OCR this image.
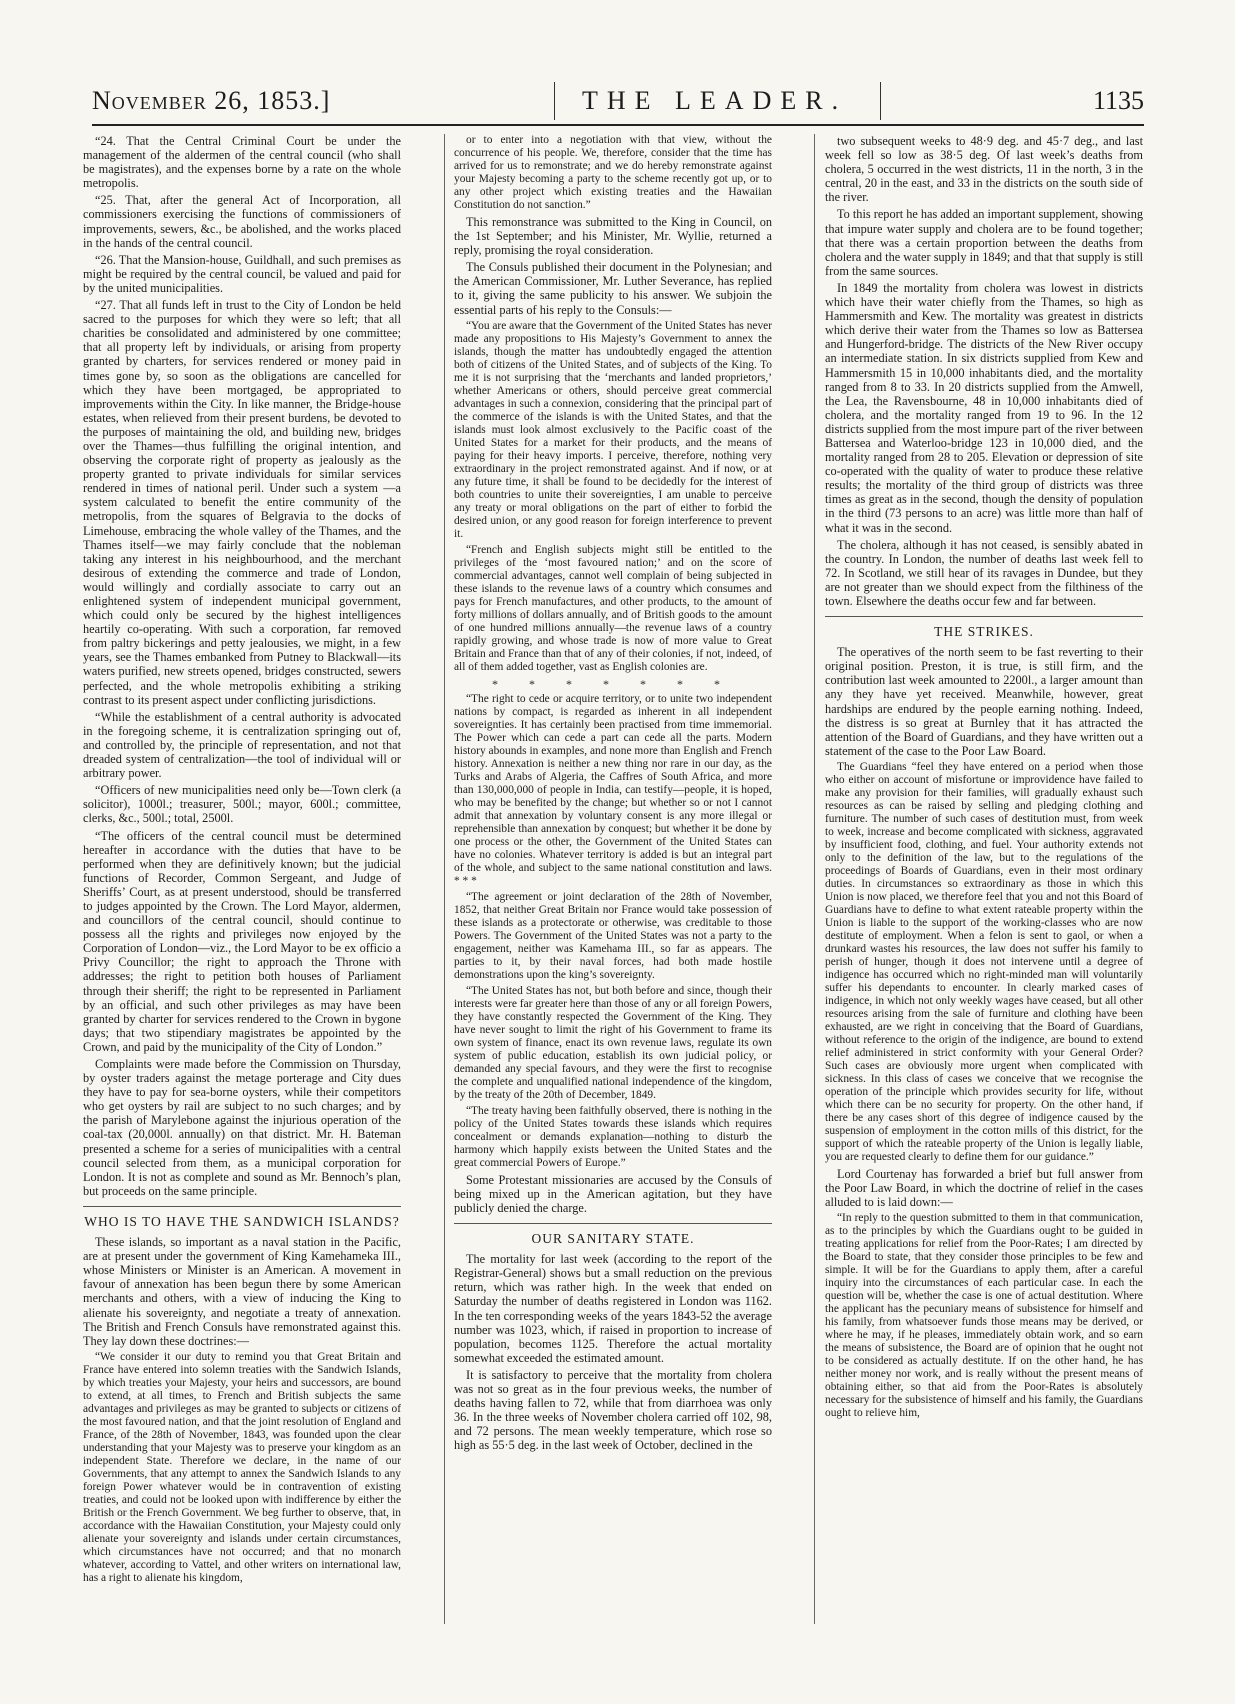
November 26, 1853.]	THE LEADER.	1135

“24. That the Central Criminal Court be under the management of the aldermen of the central council (who shall be magistrates), and the expenses borne by a rate on the whole metropolis.

“25. That, after the general Act of Incorporation, all commissioners exercising the functions of commissioners of improvements, sewers, &c., be abolished, and the works placed in the hands of the central council.

“26. That the Mansion-house, Guildhall, and such premises as might be required by the central council, be valued and paid for by the united municipalities.

“27. That all funds left in trust to the City of London be held sacred to the purposes for which they were so left; that all charities be consolidated and administered by one committee; that all property left by individuals, or arising from property granted by charters, for services rendered or money paid in times gone by, so soon as the obligations are cancelled for which they have been mortgaged, be appropriated to improvements within the City. In like manner, the Bridge-house estates, when relieved from their present burdens, be devoted to the purposes of maintaining the old, and building new, bridges over the Thames—thus fulfilling the original intention, and observing the corporate right of property as jealously as the property granted to private individuals for similar services rendered in times of national peril. Under such a system —a system calculated to benefit the entire community of the metropolis, from the squares of Belgravia to the docks of Limehouse, embracing the whole valley of the Thames, and the Thames itself—we may fairly conclude that the nobleman taking any interest in his neighbourhood, and the merchant desirous of extending the commerce and trade of London, would willingly and cordially associate to carry out an enlightened system of independent municipal government, which could only be secured by the highest intelligences heartily co-operating. With such a corporation, far removed from paltry bickerings and petty jealousies, we might, in a few years, see the Thames embanked from Putney to Blackwall—its waters purified, new streets opened, bridges constructed, sewers perfected, and the whole metropolis exhibiting a striking contrast to its present aspect under conflicting jurisdictions.

“While the establishment of a central authority is advocated in the foregoing scheme, it is centralization springing out of, and controlled by, the principle of representation, and not that dreaded system of centralization—the tool of individual will or arbitrary power.

“Officers of new municipalities need only be—Town clerk (a solicitor), 1000l.; treasurer, 500l.; mayor, 600l.; committee, clerks, &c., 500l.; total, 2500l.

“The officers of the central council must be determined hereafter in accordance with the duties that have to be performed when they are definitively known; but the judicial functions of Recorder, Common Sergeant, and Judge of Sheriffs’ Court, as at present understood, should be transferred to judges appointed by the Crown. The Lord Mayor, aldermen, and councillors of the central council, should continue to possess all the rights and privileges now enjoyed by the Corporation of London—viz., the Lord Mayor to be ex officio a Privy Councillor; the right to approach the Throne with addresses; the right to petition both houses of Parliament through their sheriff; the right to be represented in Parliament by an official, and such other privileges as may have been granted by charter for services rendered to the Crown in bygone days; that two stipendiary magistrates be appointed by the Crown, and paid by the municipality of the City of London.”

Complaints were made before the Commission on Thursday, by oyster traders against the metage porterage and City dues they have to pay for sea-borne oysters, while their competitors who get oysters by rail are subject to no such charges; and by the parish of Marylebone against the injurious operation of the coal-tax (20,000l. annually) on that district. Mr. H. Bateman presented a scheme for a series of municipalities with a central council selected from them, as a municipal corporation for London. It is not as complete and sound as Mr. Bennoch’s plan, but proceeds on the same principle.

WHO IS TO HAVE THE SANDWICH ISLANDS?

These islands, so important as a naval station in the Pacific, are at present under the government of King Kamehameka III., whose Ministers or Minister is an American. A movement in favour of annexation has been begun there by some American merchants and others, with a view of inducing the King to alienate his sovereignty, and negotiate a treaty of annexation. The British and French Consuls have remonstrated against this. They lay down these doctrines:—

“We consider it our duty to remind you that Great Britain and France have entered into solemn treaties with the Sandwich Islands, by which treaties your Majesty, your heirs and successors, are bound to extend, at all times, to French and British subjects the same advantages and privileges as may be granted to subjects or citizens of the most favoured nation, and that the joint resolution of England and France, of the 28th of November, 1843, was founded upon the clear understanding that your Majesty was to preserve your kingdom as an independent State. Therefore we declare, in the name of our Governments, that any attempt to annex the Sandwich Islands to any foreign Power whatever would be in contravention of existing treaties, and could not be looked upon with indifference by either the British or the French Government. We beg further to observe, that, in accordance with the Hawaiian Constitution, your Majesty could only alienate your sovereignty and islands under certain circumstances, which circumstances have not occurred; and that no monarch whatever, according to Vattel, and other writers on international law, has a right to alienate his kingdom,

or to enter into a negotiation with that view, without the concurrence of his people. We, therefore, consider that the time has arrived for us to remonstrate; and we do hereby remonstrate against your Majesty becoming a party to the scheme recently got up, or to any other project which existing treaties and the Hawaiian Constitution do not sanction.”

This remonstrance was submitted to the King in Council, on the 1st September; and his Minister, Mr. Wyllie, returned a reply, promising the royal consideration.

The Consuls published their document in the Polynesian; and the American Commissioner, Mr. Luther Severance, has replied to it, giving the same publicity to his answer. We subjoin the essential parts of his reply to the Consuls:—

“You are aware that the Government of the United States has never made any propositions to His Majesty’s Government to annex the islands, though the matter has undoubtedly engaged the attention both of citizens of the United States, and of subjects of the King. To me it is not surprising that the ‘merchants and landed proprietors,’ whether Americans or others, should perceive great commercial advantages in such a connexion, considering that the principal part of the commerce of the islands is with the United States, and that the islands must look almost exclusively to the Pacific coast of the United States for a market for their products, and the means of paying for their heavy imports. I perceive, therefore, nothing very extraordinary in the project remonstrated against. And if now, or at any future time, it shall be found to be decidedly for the interest of both countries to unite their sovereignties, I am unable to perceive any treaty or moral obligations on the part of either to forbid the desired union, or any good reason for foreign interference to prevent it.

“French and English subjects might still be entitled to the privileges of the ‘most favoured nation;’ and on the score of commercial advantages, cannot well complain of being subjected in these islands to the revenue laws of a country which consumes and pays for French manufactures, and other products, to the amount of forty millions of dollars annually, and of British goods to the amount of one hundred millions annually—the revenue laws of a country rapidly growing, and whose trade is now of more value to Great Britain and France than that of any of their colonies, if not, indeed, of all of them added together, vast as English colonies are.

* * * * * * *

“The right to cede or acquire territory, or to unite two independent nations by compact, is regarded as inherent in all independent sovereignties. It has certainly been practised from time immemorial. The Power which can cede a part can cede all the parts. Modern history abounds in examples, and none more than English and French history. Annexation is neither a new thing nor rare in our day, as the Turks and Arabs of Algeria, the Caffres of South Africa, and more than 130,000,000 of people in India, can testify—people, it is hoped, who may be benefited by the change; but whether so or not I cannot admit that annexation by voluntary consent is any more illegal or reprehensible than annexation by conquest; but whether it be done by one process or the other, the Government of the United States can have no colonies. Whatever territory is added is but an integral part of the whole, and subject to the same national constitution and laws. * * *

“The agreement or joint declaration of the 28th of November, 1852, that neither Great Britain nor France would take possession of these islands as a protectorate or otherwise, was creditable to those Powers. The Government of the United States was not a party to the engagement, neither was Kamehama III., so far as appears. The parties to it, by their naval forces, had both made hostile demonstrations upon the king’s sovereignty.

“The United States has not, but both before and since, though their interests were far greater here than those of any or all foreign Powers, they have constantly respected the Government of the King. They have never sought to limit the right of his Government to frame its own system of finance, enact its own revenue laws, regulate its own system of public education, establish its own judicial policy, or demanded any special favours, and they were the first to recognise the complete and unqualified national independence of the kingdom, by the treaty of the 20th of December, 1849.

“The treaty having been faithfully observed, there is nothing in the policy of the United States towards these islands which requires concealment or demands explanation—nothing to disturb the harmony which happily exists between the United States and the great commercial Powers of Europe.”

Some Protestant missionaries are accused by the Consuls of being mixed up in the American agitation, but they have publicly denied the charge.

OUR SANITARY STATE.

The mortality for last week (according to the report of the Registrar-General) shows but a small reduction on the previous return, which was rather high. In the week that ended on Saturday the number of deaths registered in London was 1162. In the ten corresponding weeks of the years 1843-52 the average number was 1023, which, if raised in proportion to increase of population, becomes 1125. Therefore the actual mortality somewhat exceeded the estimated amount.

It is satisfactory to perceive that the mortality from cholera was not so great as in the four previous weeks, the number of deaths having fallen to 72, while that from diarrhoea was only 36. In the three weeks of November cholera carried off 102, 98, and 72 persons. The mean weekly temperature, which rose so high as 55·5 deg. in the last week of October, declined in the

two subsequent weeks to 48·9 deg. and 45·7 deg., and last week fell so low as 38·5 deg. Of last week’s deaths from cholera, 5 occurred in the west districts, 11 in the north, 3 in the central, 20 in the east, and 33 in the districts on the south side of the river.

To this report he has added an important supplement, showing that impure water supply and cholera are to be found together; that there was a certain proportion between the deaths from cholera and the water supply in 1849; and that that supply is still from the same sources.

In 1849 the mortality from cholera was lowest in districts which have their water chiefly from the Thames, so high as Hammersmith and Kew. The mortality was greatest in districts which derive their water from the Thames so low as Battersea and Hungerford-bridge. The districts of the New River occupy an intermediate station. In six districts supplied from Kew and Hammersmith 15 in 10,000 inhabitants died, and the mortality ranged from 8 to 33. In 20 districts supplied from the Amwell, the Lea, the Ravensbourne, 48 in 10,000 inhabitants died of cholera, and the mortality ranged from 19 to 96. In the 12 districts supplied from the most impure part of the river between Battersea and Waterloo-bridge 123 in 10,000 died, and the mortality ranged from 28 to 205. Elevation or depression of site co-operated with the quality of water to produce these relative results; the mortality of the third group of districts was three times as great as in the second, though the density of population in the third (73 persons to an acre) was little more than half of what it was in the second.

The cholera, although it has not ceased, is sensibly abated in the country. In London, the number of deaths last week fell to 72. In Scotland, we still hear of its ravages in Dundee, but they are not greater than we should expect from the filthiness of the town. Elsewhere the deaths occur few and far between.

THE STRIKES.

The operatives of the north seem to be fast reverting to their original position. Preston, it is true, is still firm, and the contribution last week amounted to 2200l., a larger amount than any they have yet received. Meanwhile, however, great hardships are endured by the people earning nothing. Indeed, the distress is so great at Burnley that it has attracted the attention of the Board of Guardians, and they have written out a statement of the case to the Poor Law Board.

The Guardians “feel they have entered on a period when those who either on account of misfortune or improvidence have failed to make any provision for their families, will gradually exhaust such resources as can be raised by selling and pledging clothing and furniture. The number of such cases of destitution must, from week to week, increase and become complicated with sickness, aggravated by insufficient food, clothing, and fuel. Your authority extends not only to the definition of the law, but to the regulations of the proceedings of Boards of Guardians, even in their most ordinary duties. In circumstances so extraordinary as those in which this Union is now placed, we therefore feel that you and not this Board of Guardians have to define to what extent rateable property within the Union is liable to the support of the working-classes who are now destitute of employment. When a felon is sent to gaol, or when a drunkard wastes his resources, the law does not suffer his family to perish of hunger, though it does not intervene until a degree of indigence has occurred which no right-minded man will voluntarily suffer his dependants to encounter. In clearly marked cases of indigence, in which not only weekly wages have ceased, but all other resources arising from the sale of furniture and clothing have been exhausted, are we right in conceiving that the Board of Guardians, without reference to the origin of the indigence, are bound to extend relief administered in strict conformity with your General Order? Such cases are obviously more urgent when complicated with sickness. In this class of cases we conceive that we recognise the operation of the principle which provides security for life, without which there can be no security for property. On the other hand, if there be any cases short of this degree of indigence caused by the suspension of employment in the cotton mills of this district, for the support of which the rateable property of the Union is legally liable, you are requested clearly to define them for our guidance.”

Lord Courtenay has forwarded a brief but full answer from the Poor Law Board, in which the doctrine of relief in the cases alluded to is laid down:—

“In reply to the question submitted to them in that communication, as to the principles by which the Guardians ought to be guided in treating applications for relief from the Poor-Rates; I am directed by the Board to state, that they consider those principles to be few and simple. It will be for the Guardians to apply them, after a careful inquiry into the circumstances of each particular case. In each the question will be, whether the case is one of actual destitution. Where the applicant has the pecuniary means of subsistence for himself and his family, from whatsoever funds those means may be derived, or where he may, if he pleases, immediately obtain work, and so earn the means of subsistence, the Board are of opinion that he ought not to be considered as actually destitute. If on the other hand, he has neither money nor work, and is really without the present means of obtaining either, so that aid from the Poor-Rates is absolutely necessary for the subsistence of himself and his family, the Guardians ought to relieve him,
